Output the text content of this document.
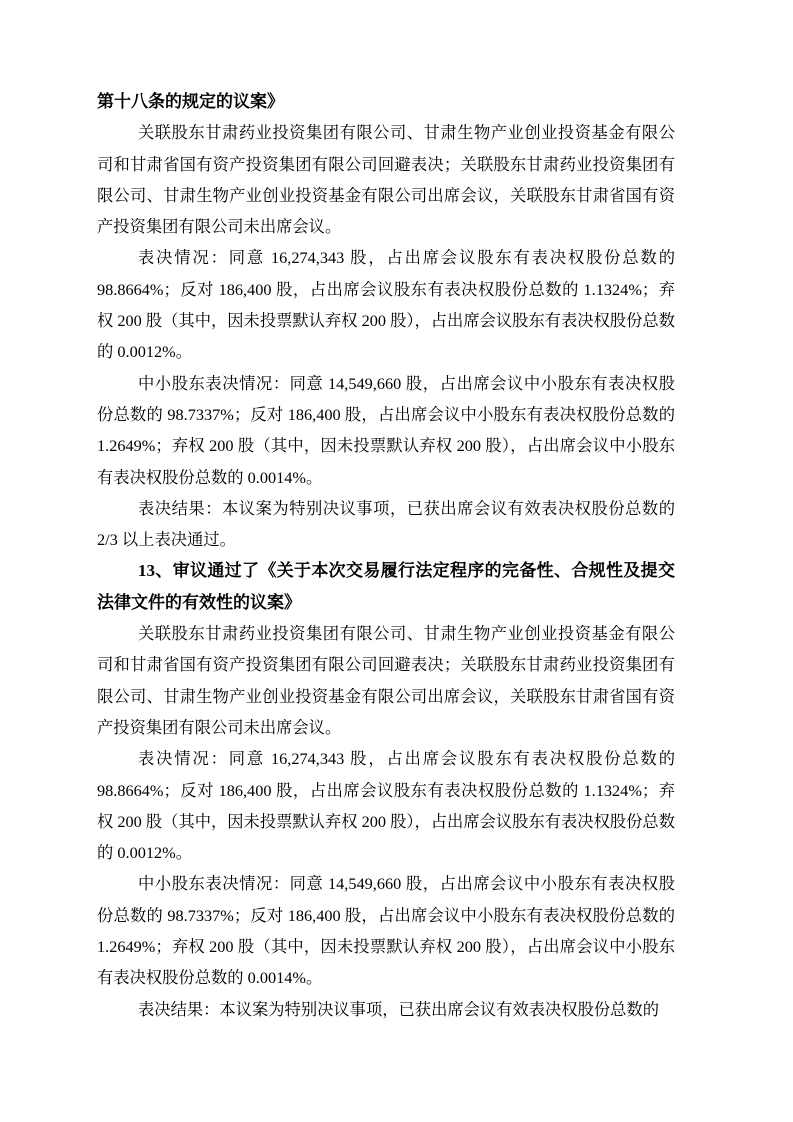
第十八条的规定的议案》

关联股东甘肃药业投资集团有限公司、甘肃生物产业创业投资基金有限公司和甘肃省国有资产投资集团有限公司回避表决；关联股东甘肃药业投资集团有限公司、甘肃生物产业创业投资基金有限公司出席会议，关联股东甘肃省国有资产投资集团有限公司未出席会议。

表决情况：同意 16,274,343 股，占出席会议股东有表决权股份总数的 98.8664%；反对 186,400 股，占出席会议股东有表决权股份总数的 1.1324%；弃权 200 股（其中，因未投票默认弃权 200 股），占出席会议股东有表决权股份总数的 0.0012%。

中小股东表决情况：同意 14,549,660 股，占出席会议中小股东有表决权股份总数的 98.7337%；反对 186,400 股，占出席会议中小股东有表决权股份总数的 1.2649%；弃权 200 股（其中，因未投票默认弃权 200 股），占出席会议中小股东有表决权股份总数的 0.0014%。

表决结果：本议案为特别决议事项，已获出席会议有效表决权股份总数的 2/3 以上表决通过。

13、审议通过了《关于本次交易履行法定程序的完备性、合规性及提交法律文件的有效性的议案》

关联股东甘肃药业投资集团有限公司、甘肃生物产业创业投资基金有限公司和甘肃省国有资产投资集团有限公司回避表决；关联股东甘肃药业投资集团有限公司、甘肃生物产业创业投资基金有限公司出席会议，关联股东甘肃省国有资产投资集团有限公司未出席会议。

表决情况：同意 16,274,343 股，占出席会议股东有表决权股份总数的 98.8664%；反对 186,400 股，占出席会议股东有表决权股份总数的 1.1324%；弃权 200 股（其中，因未投票默认弃权 200 股），占出席会议股东有表决权股份总数的 0.0012%。

中小股东表决情况：同意 14,549,660 股，占出席会议中小股东有表决权股份总数的 98.7337%；反对 186,400 股，占出席会议中小股东有表决权股份总数的 1.2649%；弃权 200 股（其中，因未投票默认弃权 200 股），占出席会议中小股东有表决权股份总数的 0.0014%。

表决结果：本议案为特别决议事项，已获出席会议有效表决权股份总数的
